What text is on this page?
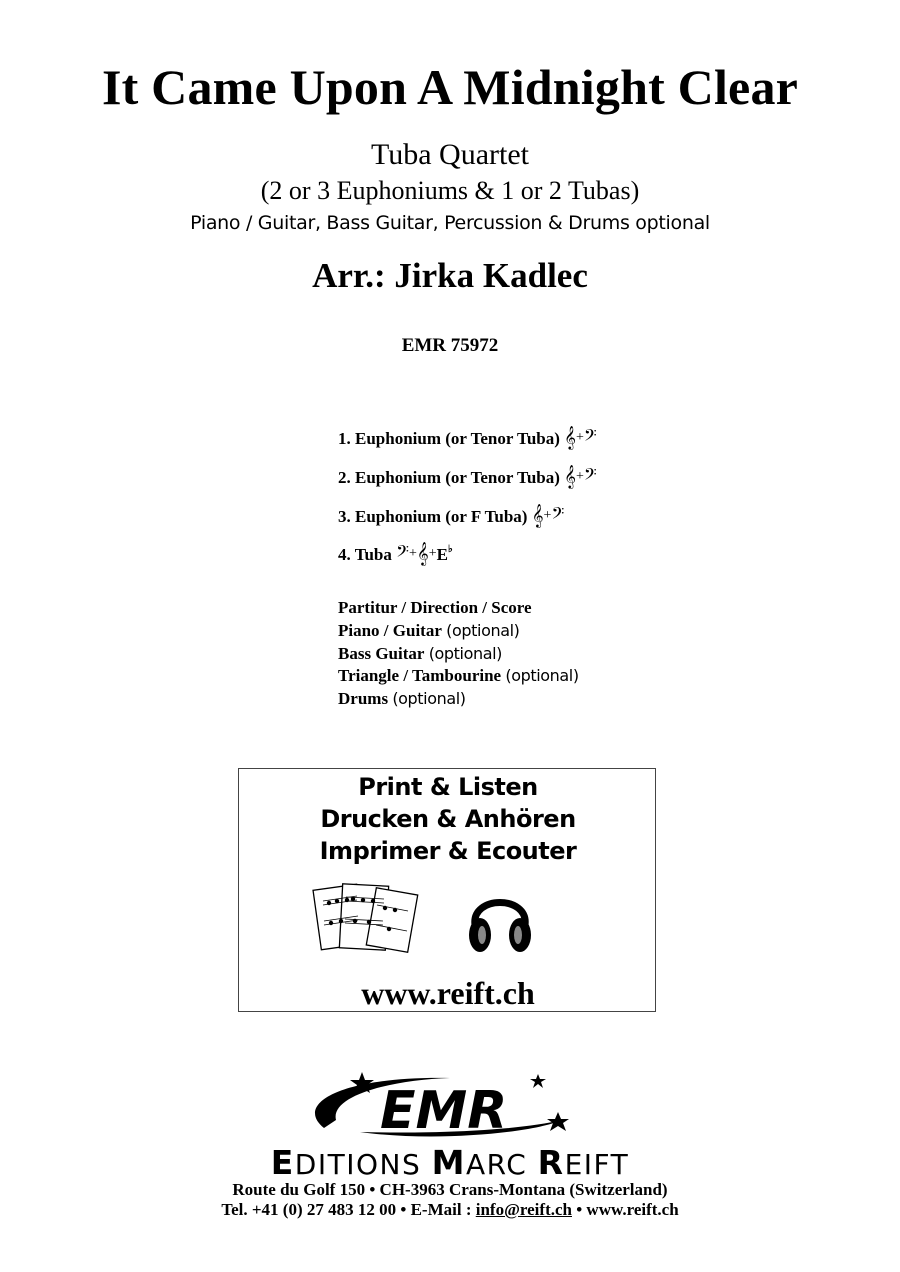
It Came Upon A Midnight Clear
Tuba Quartet
(2 or 3 Euphoniums & 1 or 2 Tubas)
Piano / Guitar, Bass Guitar, Percussion & Drums optional
Arr.: Jirka Kadlec
EMR 75972
1. Euphonium (or Tenor Tuba) 𝄞+𝄢
2. Euphonium (or Tenor Tuba) 𝄞+𝄢
3. Euphonium (or F Tuba) 𝄞+𝄢
4. Tuba 𝄢+𝄞+E♭
Partitur / Direction / Score
Piano / Guitar (optional)
Bass Guitar (optional)
Triangle / Tambourine (optional)
Drums (optional)
Print & Listen
Drucken & Anhören
Imprimer & Ecouter
www.reift.ch
EMR
EDITIONS MARC REIFT
Route du Golf 150 • CH-3963 Crans-Montana (Switzerland)
Tel. +41 (0) 27 483 12 00 • E-Mail : info@reift.ch • www.reift.ch
